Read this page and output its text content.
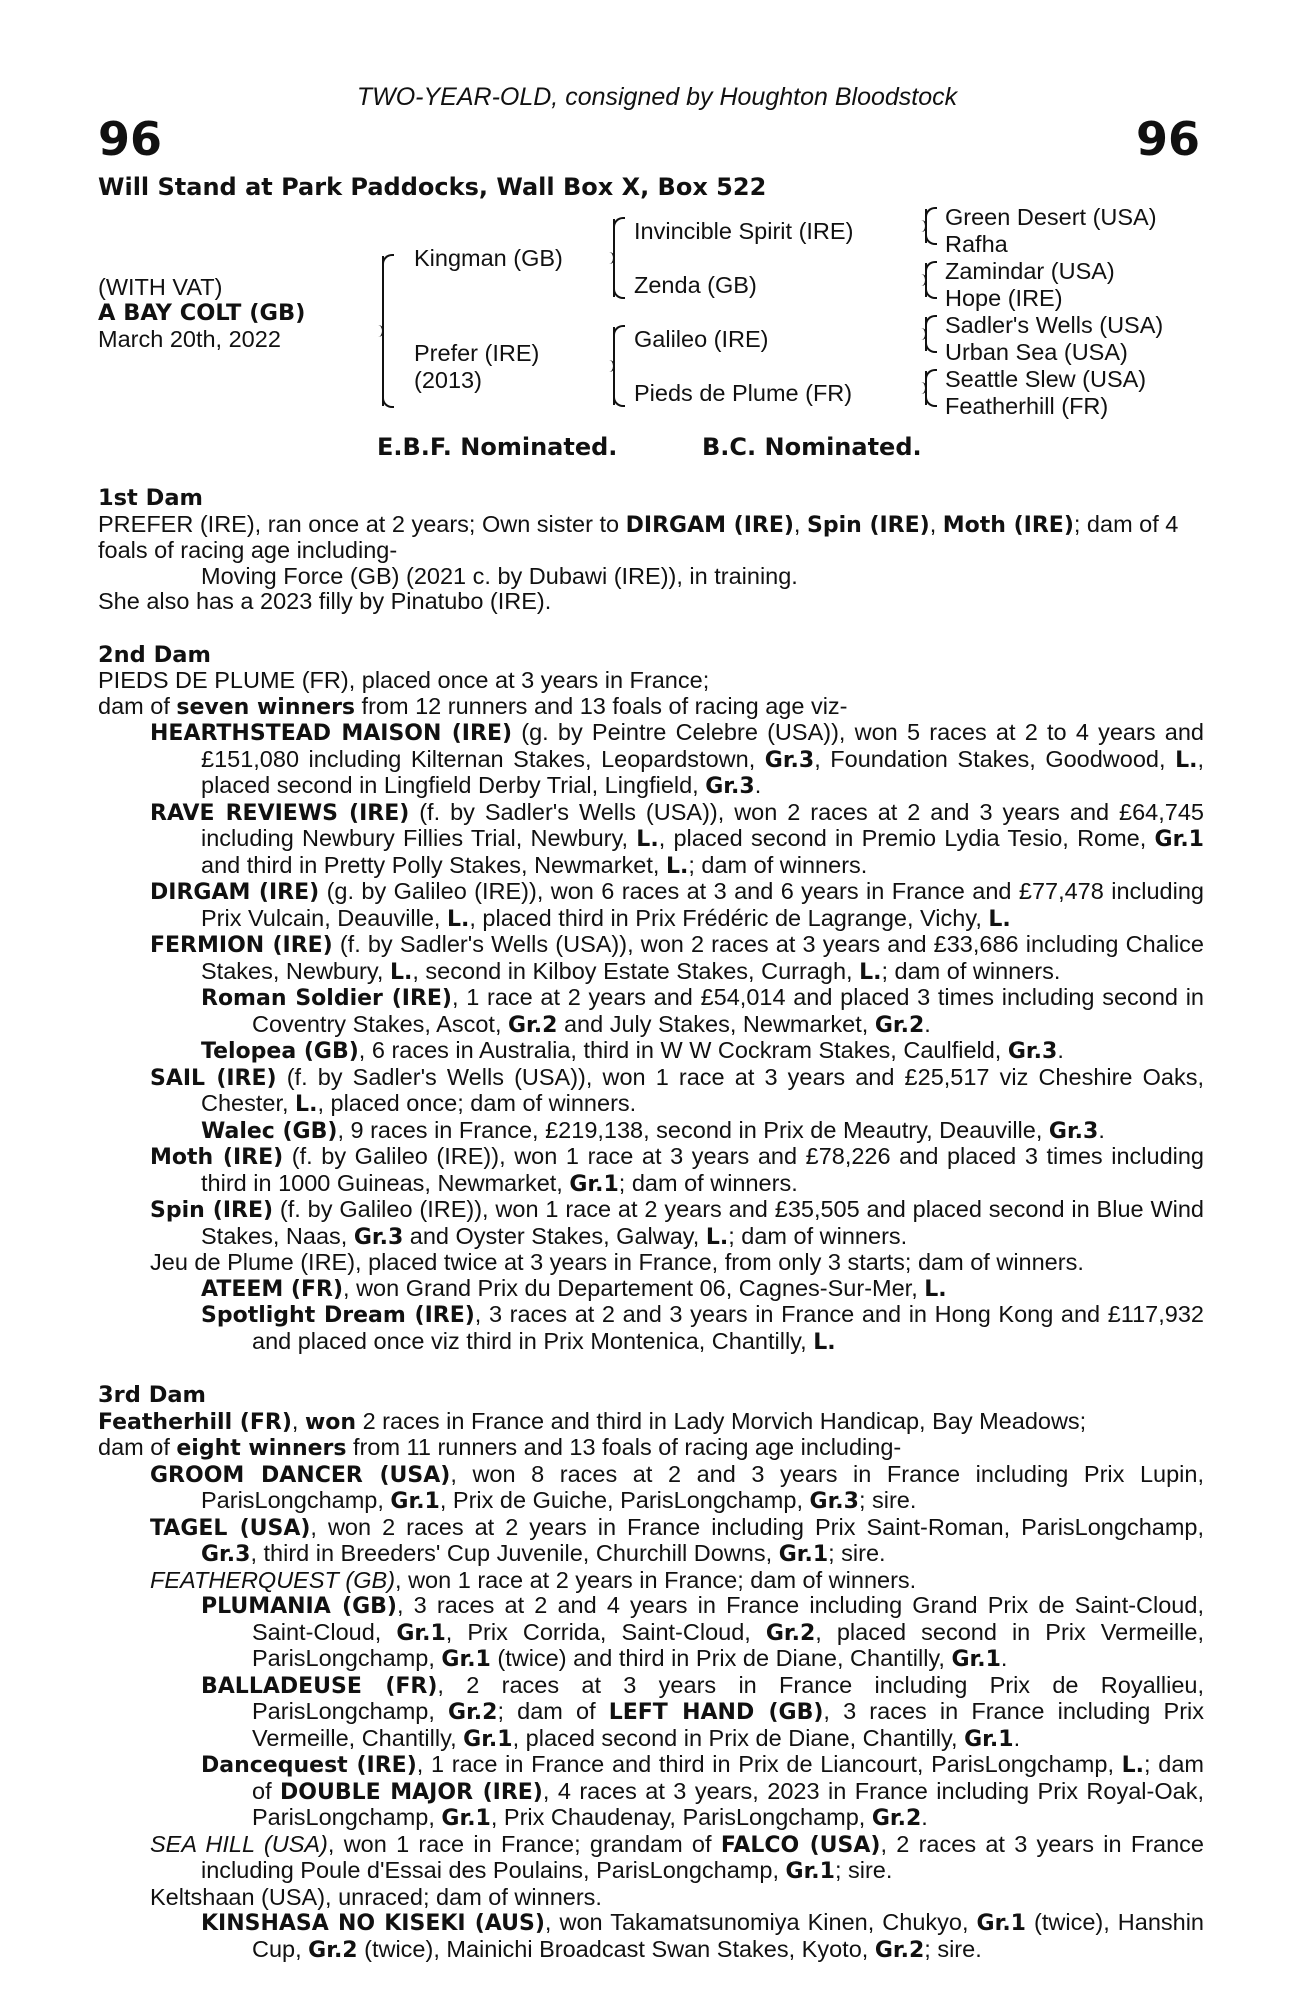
TWO-YEAR-OLD, consigned by Houghton Bloodstock
96	96
Will Stand at Park Paddocks, Wall Box X, Box 522
(WITH VAT)
A BAY COLT (GB)
March 20th, 2022
Kingman (GB)
Prefer (IRE)
(2013)
Invincible Spirit (IRE)
Zenda (GB)
Galileo (IRE)
Pieds de Plume (FR)
Green Desert (USA)
Rafha
Zamindar (USA)
Hope (IRE)
Sadler's Wells (USA)
Urban Sea (USA)
Seattle Slew (USA)
Featherhill (FR)
E.B.F. Nominated.	B.C. Nominated.
1st Dam
PREFER (IRE), ran once at 2 years; Own sister to DIRGAM (IRE), Spin (IRE), Moth (IRE); dam of 4 foals of racing age including-
Moving Force (GB) (2021 c. by Dubawi (IRE)), in training.
She also has a 2023 filly by Pinatubo (IRE).
2nd Dam
PIEDS DE PLUME (FR), placed once at 3 years in France;
dam of seven winners from 12 runners and 13 foals of racing age viz-
HEARTHSTEAD MAISON (IRE) (g. by Peintre Celebre (USA)), won 5 races at 2 to 4 years and £151,080 including Kilternan Stakes, Leopardstown, Gr.3, Foundation Stakes, Goodwood, L., placed second in Lingfield Derby Trial, Lingfield, Gr.3.
RAVE REVIEWS (IRE) (f. by Sadler's Wells (USA)), won 2 races at 2 and 3 years and £64,745 including Newbury Fillies Trial, Newbury, L., placed second in Premio Lydia Tesio, Rome, Gr.1 and third in Pretty Polly Stakes, Newmarket, L.; dam of winners.
DIRGAM (IRE) (g. by Galileo (IRE)), won 6 races at 3 and 6 years in France and £77,478 including Prix Vulcain, Deauville, L., placed third in Prix Frédéric de Lagrange, Vichy, L.
FERMION (IRE) (f. by Sadler's Wells (USA)), won 2 races at 3 years and £33,686 including Chalice Stakes, Newbury, L., second in Kilboy Estate Stakes, Curragh, L.; dam of winners.
Roman Soldier (IRE), 1 race at 2 years and £54,014 and placed 3 times including second in Coventry Stakes, Ascot, Gr.2 and July Stakes, Newmarket, Gr.2.
Telopea (GB), 6 races in Australia, third in W W Cockram Stakes, Caulfield, Gr.3.
SAIL (IRE) (f. by Sadler's Wells (USA)), won 1 race at 3 years and £25,517 viz Cheshire Oaks, Chester, L., placed once; dam of winners.
Walec (GB), 9 races in France, £219,138, second in Prix de Meautry, Deauville, Gr.3.
Moth (IRE) (f. by Galileo (IRE)), won 1 race at 3 years and £78,226 and placed 3 times including third in 1000 Guineas, Newmarket, Gr.1; dam of winners.
Spin (IRE) (f. by Galileo (IRE)), won 1 race at 2 years and £35,505 and placed second in Blue Wind Stakes, Naas, Gr.3 and Oyster Stakes, Galway, L.; dam of winners.
Jeu de Plume (IRE), placed twice at 3 years in France, from only 3 starts; dam of winners.
ATEEM (FR), won Grand Prix du Departement 06, Cagnes-Sur-Mer, L.
Spotlight Dream (IRE), 3 races at 2 and 3 years in France and in Hong Kong and £117,932 and placed once viz third in Prix Montenica, Chantilly, L.
3rd Dam
Featherhill (FR), won 2 races in France and third in Lady Morvich Handicap, Bay Meadows;
dam of eight winners from 11 runners and 13 foals of racing age including-
GROOM DANCER (USA), won 8 races at 2 and 3 years in France including Prix Lupin, ParisLongchamp, Gr.1, Prix de Guiche, ParisLongchamp, Gr.3; sire.
TAGEL (USA), won 2 races at 2 years in France including Prix Saint-Roman, ParisLongchamp, Gr.3, third in Breeders' Cup Juvenile, Churchill Downs, Gr.1; sire.
FEATHERQUEST (GB), won 1 race at 2 years in France; dam of winners.
PLUMANIA (GB), 3 races at 2 and 4 years in France including Grand Prix de Saint-Cloud, Saint-Cloud, Gr.1, Prix Corrida, Saint-Cloud, Gr.2, placed second in Prix Vermeille, ParisLongchamp, Gr.1 (twice) and third in Prix de Diane, Chantilly, Gr.1.
BALLADEUSE (FR), 2 races at 3 years in France including Prix de Royallieu, ParisLongchamp, Gr.2; dam of LEFT HAND (GB), 3 races in France including Prix Vermeille, Chantilly, Gr.1, placed second in Prix de Diane, Chantilly, Gr.1.
Dancequest (IRE), 1 race in France and third in Prix de Liancourt, ParisLongchamp, L.; dam of DOUBLE MAJOR (IRE), 4 races at 3 years, 2023 in France including Prix Royal-Oak, ParisLongchamp, Gr.1, Prix Chaudenay, ParisLongchamp, Gr.2.
SEA HILL (USA), won 1 race in France; grandam of FALCO (USA), 2 races at 3 years in France including Poule d'Essai des Poulains, ParisLongchamp, Gr.1; sire.
Keltshaan (USA), unraced; dam of winners.
KINSHASA NO KISEKI (AUS), won Takamatsunomiya Kinen, Chukyo, Gr.1 (twice), Hanshin Cup, Gr.2 (twice), Mainichi Broadcast Swan Stakes, Kyoto, Gr.2; sire.
